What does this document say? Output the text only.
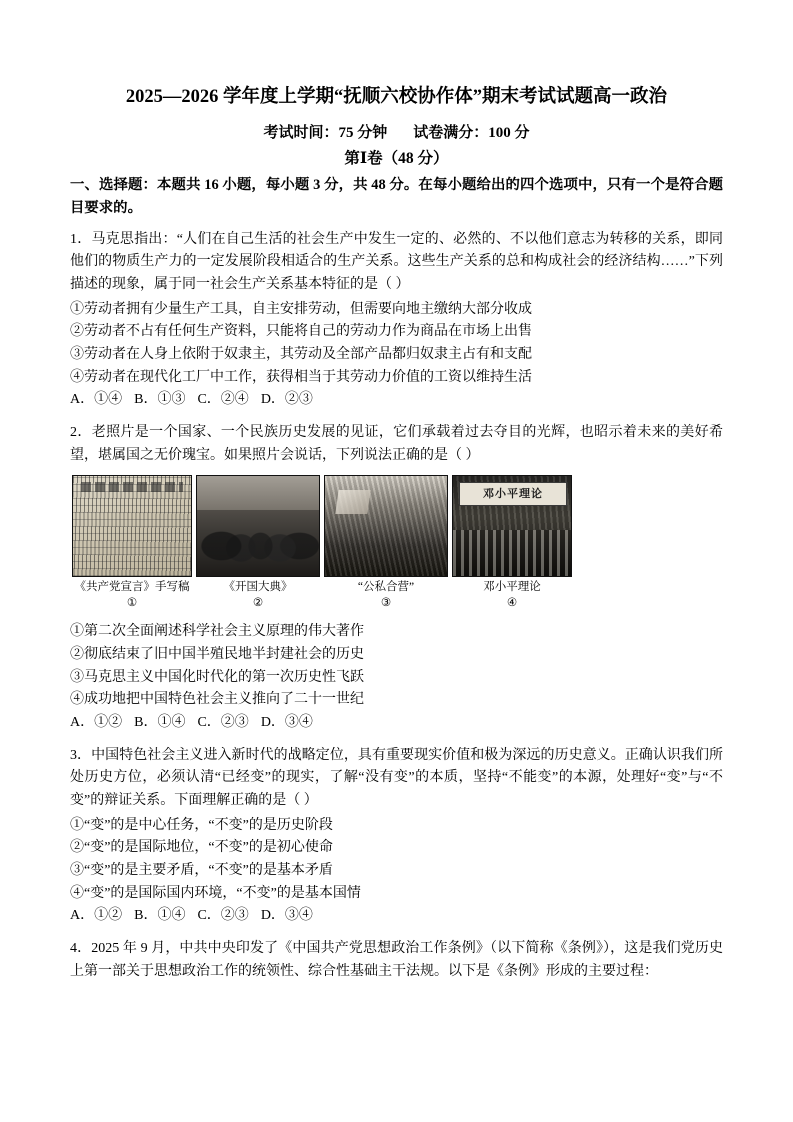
2025—2026 学年度上学期“抚顺六校协作体”期末考试试题高一政治
考试时间：75 分钟 试卷满分：100 分
第Ⅰ卷（48 分）
一、选择题：本题共 16 小题，每小题 3 分，共 48 分。在每小题给出的四个选项中，只有一个是符合题目要求的。
1．马克思指出：“人们在自己生活的社会生产中发生一定的、必然的、不以他们意志为转移的关系，即同他们的物质生产力的一定发展阶段相适合的生产关系。这些生产关系的总和构成社会的经济结构……”下列描述的现象，属于同一社会生产关系基本特征的是（ ）
①劳动者拥有少量生产工具，自主安排劳动，但需要向地主缴纳大部分收成
②劳动者不占有任何生产资料，只能将自己的劳动力作为商品在市场上出售
③劳动者在人身上依附于奴隶主，其劳动及全部产品都归奴隶主占有和支配
④劳动者在现代化工厂中工作，获得相当于其劳动力价值的工资以维持生活
A．①④ B．①③ C．②④ D．②③
2．老照片是一个国家、一个民族历史发展的见证，它们承载着过去夺目的光辉，也昭示着未来的美好希望，堪属国之无价瑰宝。如果照片会说话，下列说法正确的是（ ）
邓小平理论
《共产党宣言》手写稿
①
《开国大典》
②
“公私合营”
③
邓小平理论
④
①第二次全面阐述科学社会主义原理的伟大著作
②彻底结束了旧中国半殖民地半封建社会的历史
③马克思主义中国化时代化的第一次历史性飞跃
④成功地把中国特色社会主义推向了二十一世纪
A．①② B．①④ C．②③ D．③④
3．中国特色社会主义进入新时代的战略定位，具有重要现实价值和极为深远的历史意义。正确认识我们所处历史方位，必须认清“已经变”的现实，了解“没有变”的本质，坚持“不能变”的本源，处理好“变”与“不变”的辩证关系。下面理解正确的是（ ）
①“变”的是中心任务，“不变”的是历史阶段
②“变”的是国际地位，“不变”的是初心使命
③“变”的是主要矛盾，“不变”的是基本矛盾
④“变”的是国际国内环境，“不变”的是基本国情
A．①② B．①④ C．②③ D．③④
4．2025 年 9 月，中共中央印发了《中国共产党思想政治工作条例》（以下简称《条例》），这是我们党历史上第一部关于思想政治工作的统领性、综合性基础主干法规。以下是《条例》形成的主要过程：
